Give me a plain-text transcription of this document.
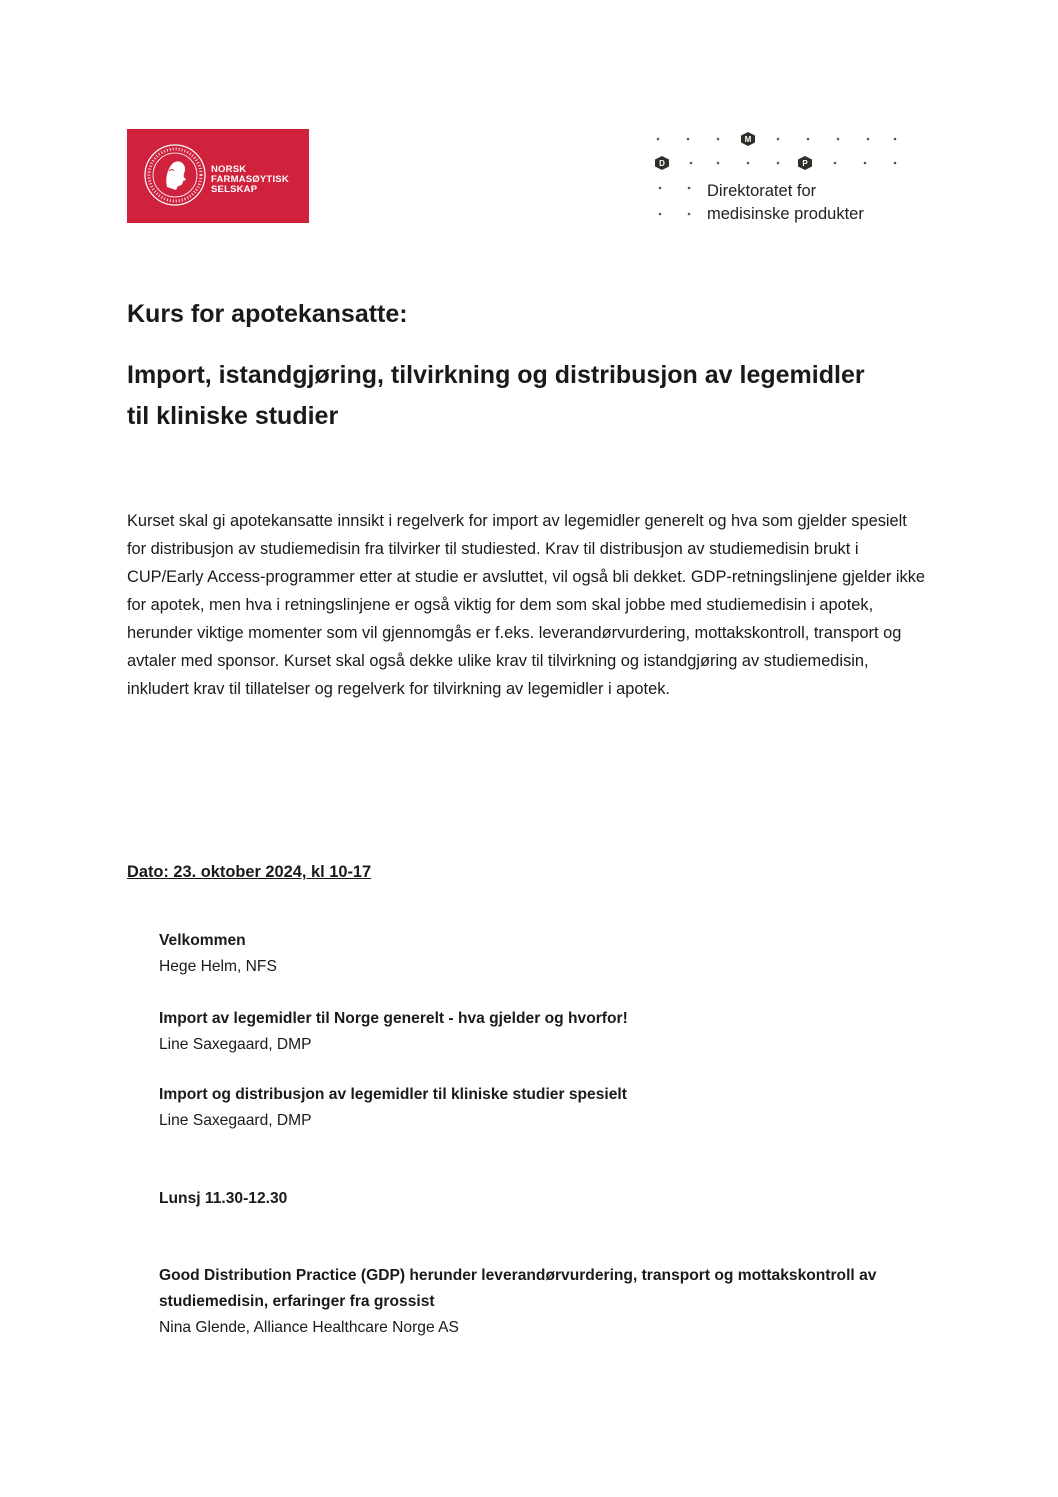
NORSK
FARMASØYTISK
SELSKAP
M
D	P
Direktoratet for
medisinske produkter
Kurs for apotekansatte:
Import, istandgjøring, tilvirkning og distribusjon av legemidler til kliniske studier

Kurset skal gi apotekansatte innsikt i regelverk for import av legemidler generelt og hva som gjelder spesielt for distribusjon av studiemedisin fra tilvirker til studiested. Krav til distribusjon av studiemedisin brukt i CUP/Early Access-programmer etter at studie er avsluttet, vil også bli dekket. GDP-retningslinjene gjelder ikke for apotek, men hva i retningslinjene er også viktig for dem som skal jobbe med studiemedisin i apotek, herunder viktige momenter som vil gjennomgås er f.eks. leverandørvurdering, mottakskontroll, transport og avtaler med sponsor. Kurset skal også dekke ulike krav til tilvirkning og istandgjøring av studiemedisin, inkludert krav til tillatelser og regelverk for tilvirkning av legemidler i apotek.

Dato: 23. oktober 2024, kl 10-17

Velkommen
Hege Helm, NFS
Import av legemidler til Norge generelt - hva gjelder og hvorfor!
Line Saxegaard, DMP
Import og distribusjon av legemidler til kliniske studier spesielt
Line Saxegaard, DMP
Lunsj 11.30-12.30
Good Distribution Practice (GDP) herunder leverandørvurdering, transport og mottakskontroll av studiemedisin, erfaringer fra grossist
Nina Glende, Alliance Healthcare Norge AS
